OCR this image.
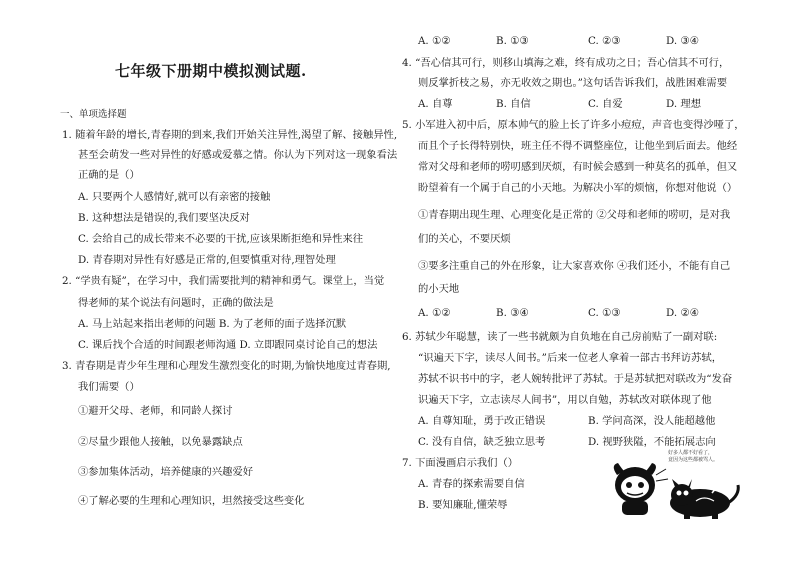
七年级下册期中模拟测试题.
一、单项选择题
1. 随着年龄的增长,青春期的到来,我们开始关注异性,渴望了解、接触异性,
甚至会萌发一些对异性的好感或爱慕之情。你认为下列对这一现象看法
正确的是（）
A. 只要两个人感情好,就可以有亲密的接触
B. 这种想法是错误的,我们要坚决反对
C. 会给自己的成长带来不必要的干扰,应该果断拒绝和异性来往
D. 青春期对异性有好感是正常的,但要慎重对待,理智处理
2. “学贵有疑”，在学习中，我们需要批判的精神和勇气。课堂上，当觉
得老师的某个说法有问题时，正确的做法是
A. 马上站起来指出老师的问题 B. 为了老师的面子选择沉默
C. 课后找个合适的时间跟老师沟通 D. 立即跟同桌讨论自己的想法
3. 青春期是青少年生理和心理发生激烈变化的时期,为愉快地度过青春期,
我们需要（）
①避开父母、老师，和同龄人探讨
②尽量少跟他人接触，以免暴露缺点
③参加集体活动，培养健康的兴趣爱好
④了解必要的生理和心理知识，坦然接受这些变化
A. ①②	B. ①③	C. ②③	D. ③④
4. “吾心信其可行，则移山填海之难，终有成功之日；吾心信其不可行，
则反掌折枝之易，亦无收效之期也。”这句话告诉我们，战胜困难需要
A. 自尊	B. 自信	C. 自爱	D. 理想
5. 小军进入初中后，原本帅气的脸上长了许多小痘痘，声音也变得沙哑了，
而且个子长得特别快，班主任不得不调整座位，让他坐到后面去。他经
常对父母和老师的唠叨感到厌烦，有时候会感到一种莫名的孤单，但又
盼望着有一个属于自己的小天地。为解决小军的烦恼，你想对他说（）
①青春期出现生理、心理变化是正常的 ②父母和老师的唠叨，是对我
们的关心，不要厌烦
③要多注重自己的外在形象，让大家喜欢你 ④我们还小，不能有自己
的小天地
A. ①②	B. ③④	C. ①③	D. ②④
6. 苏轼少年聪慧，读了一些书就颇为自负地在自己房前贴了一副对联:
“识遍天下字，读尽人间书。”后来一位老人拿着一部古书拜访苏轼，
苏轼不识书中的字，老人婉转批评了苏轼。于是苏轼把对联改为“发奋
识遍天下字，立志读尽人间书”，用以自勉，苏轼改对联体现了他
A. 自尊知耻，勇于改正错误	B. 学问高深，没人能超越他
C. 没有自信，缺乏独立思考	D. 视野狭隘，不能拓展志向
7. 下面漫画启示我们（）
A. 青春的探索需要自信
B. 要知廉耻,懂荣辱
好多人都不好看了，
竟因为这些都被骂人。
